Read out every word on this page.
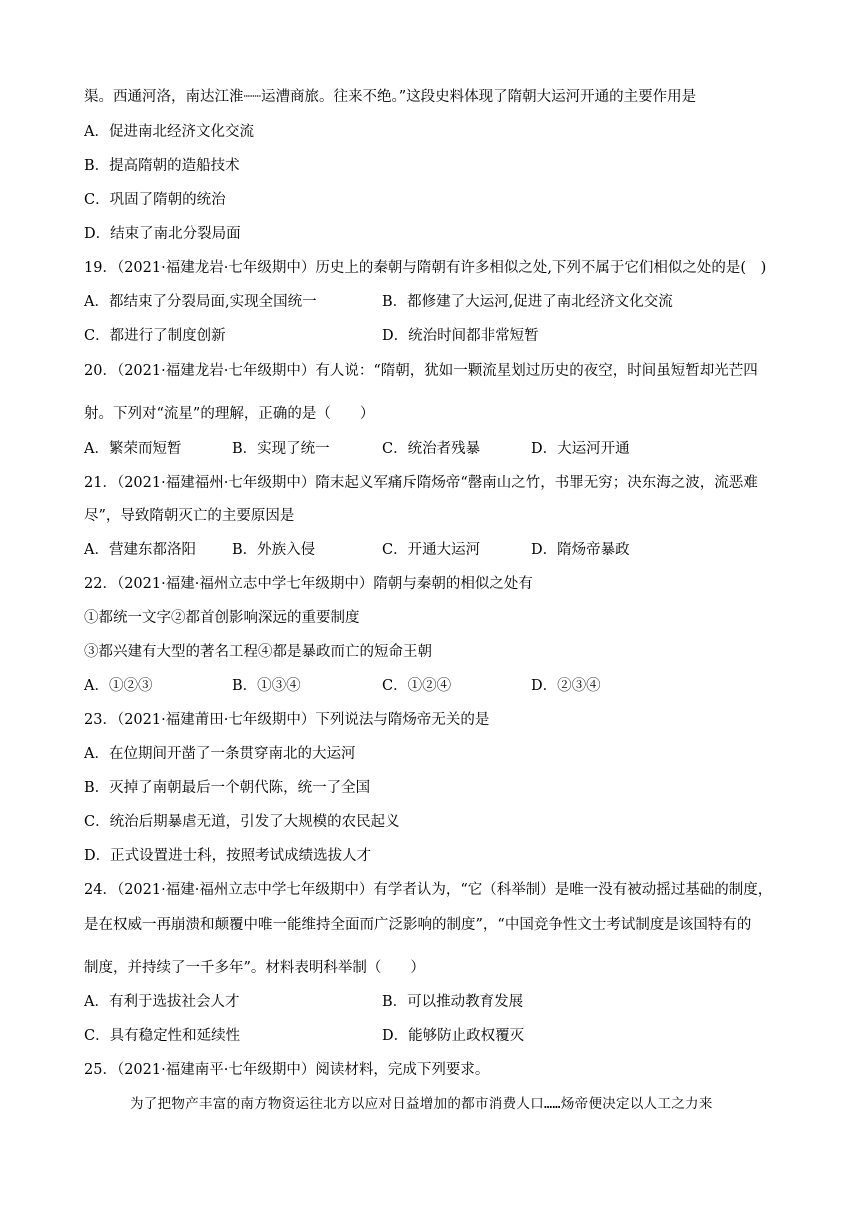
渠。西通河洛，南达江淮┈┈运漕商旅。往来不绝。”这段史料体现了隋朝大运河开通的主要作用是
A．促进南北经济文化交流
B．提高隋朝的造船技术
C．巩固了隋朝的统治
D．结束了南北分裂局面
19．（2021·福建龙岩·七年级期中）历史上的秦朝与隋朝有许多相似之处,下列不属于它们相似之处的是(　)
A．都结束了分裂局面,实现全国统一	B．都修建了大运河,促进了南北经济文化交流
C．都进行了制度创新	D．统治时间都非常短暂
20．（2021·福建龙岩·七年级期中）有人说：“隋朝，犹如一颗流星划过历史的夜空，时间虽短暂却光芒四
射。下列对“流星”的理解，正确的是（　　）
A．繁荣而短暂	B．实现了统一	C．统治者残暴	D．大运河开通
21．（2021·福建福州·七年级期中）隋末起义军痛斥隋炀帝“罄南山之竹，书罪无穷；决东海之波，流恶难
尽”，导致隋朝灭亡的主要原因是
A．营建东都洛阳 B．外族入侵	C．开通大运河	D．隋炀帝暴政
22．（2021·福建·福州立志中学七年级期中）隋朝与秦朝的相似之处有
①都统一文字②都首创影响深远的重要制度
③都兴建有大型的著名工程④都是暴政而亡的短命王朝
A．①②③	B．①③④	C．①②④	D．②③④
23．（2021·福建莆田·七年级期中）下列说法与隋炀帝无关的是
A．在位期间开凿了一条贯穿南北的大运河
B．灭掉了南朝最后一个朝代陈，统一了全国
C．统治后期暴虐无道，引发了大规模的农民起义
D．正式设置进士科，按照考试成绩选拔人才
24．（2021·福建·福州立志中学七年级期中）有学者认为，“它（科举制）是唯一没有被动摇过基础的制度，
是在权威一再崩溃和颠覆中唯一能维持全面而广泛影响的制度”，“中国竞争性文士考试制度是该国特有的
制度，并持续了一千多年”。材料表明科举制（　　）
A．有利于选拔社会人才	B．可以推动教育发展
C．具有稳定性和延续性	D．能够防止政权覆灭
25．（2021·福建南平·七年级期中）阅读材料，完成下列要求。
为了把物产丰富的南方物资运往北方以应对日益增加的都市消费人口……炀帝便决定以人工之力来
